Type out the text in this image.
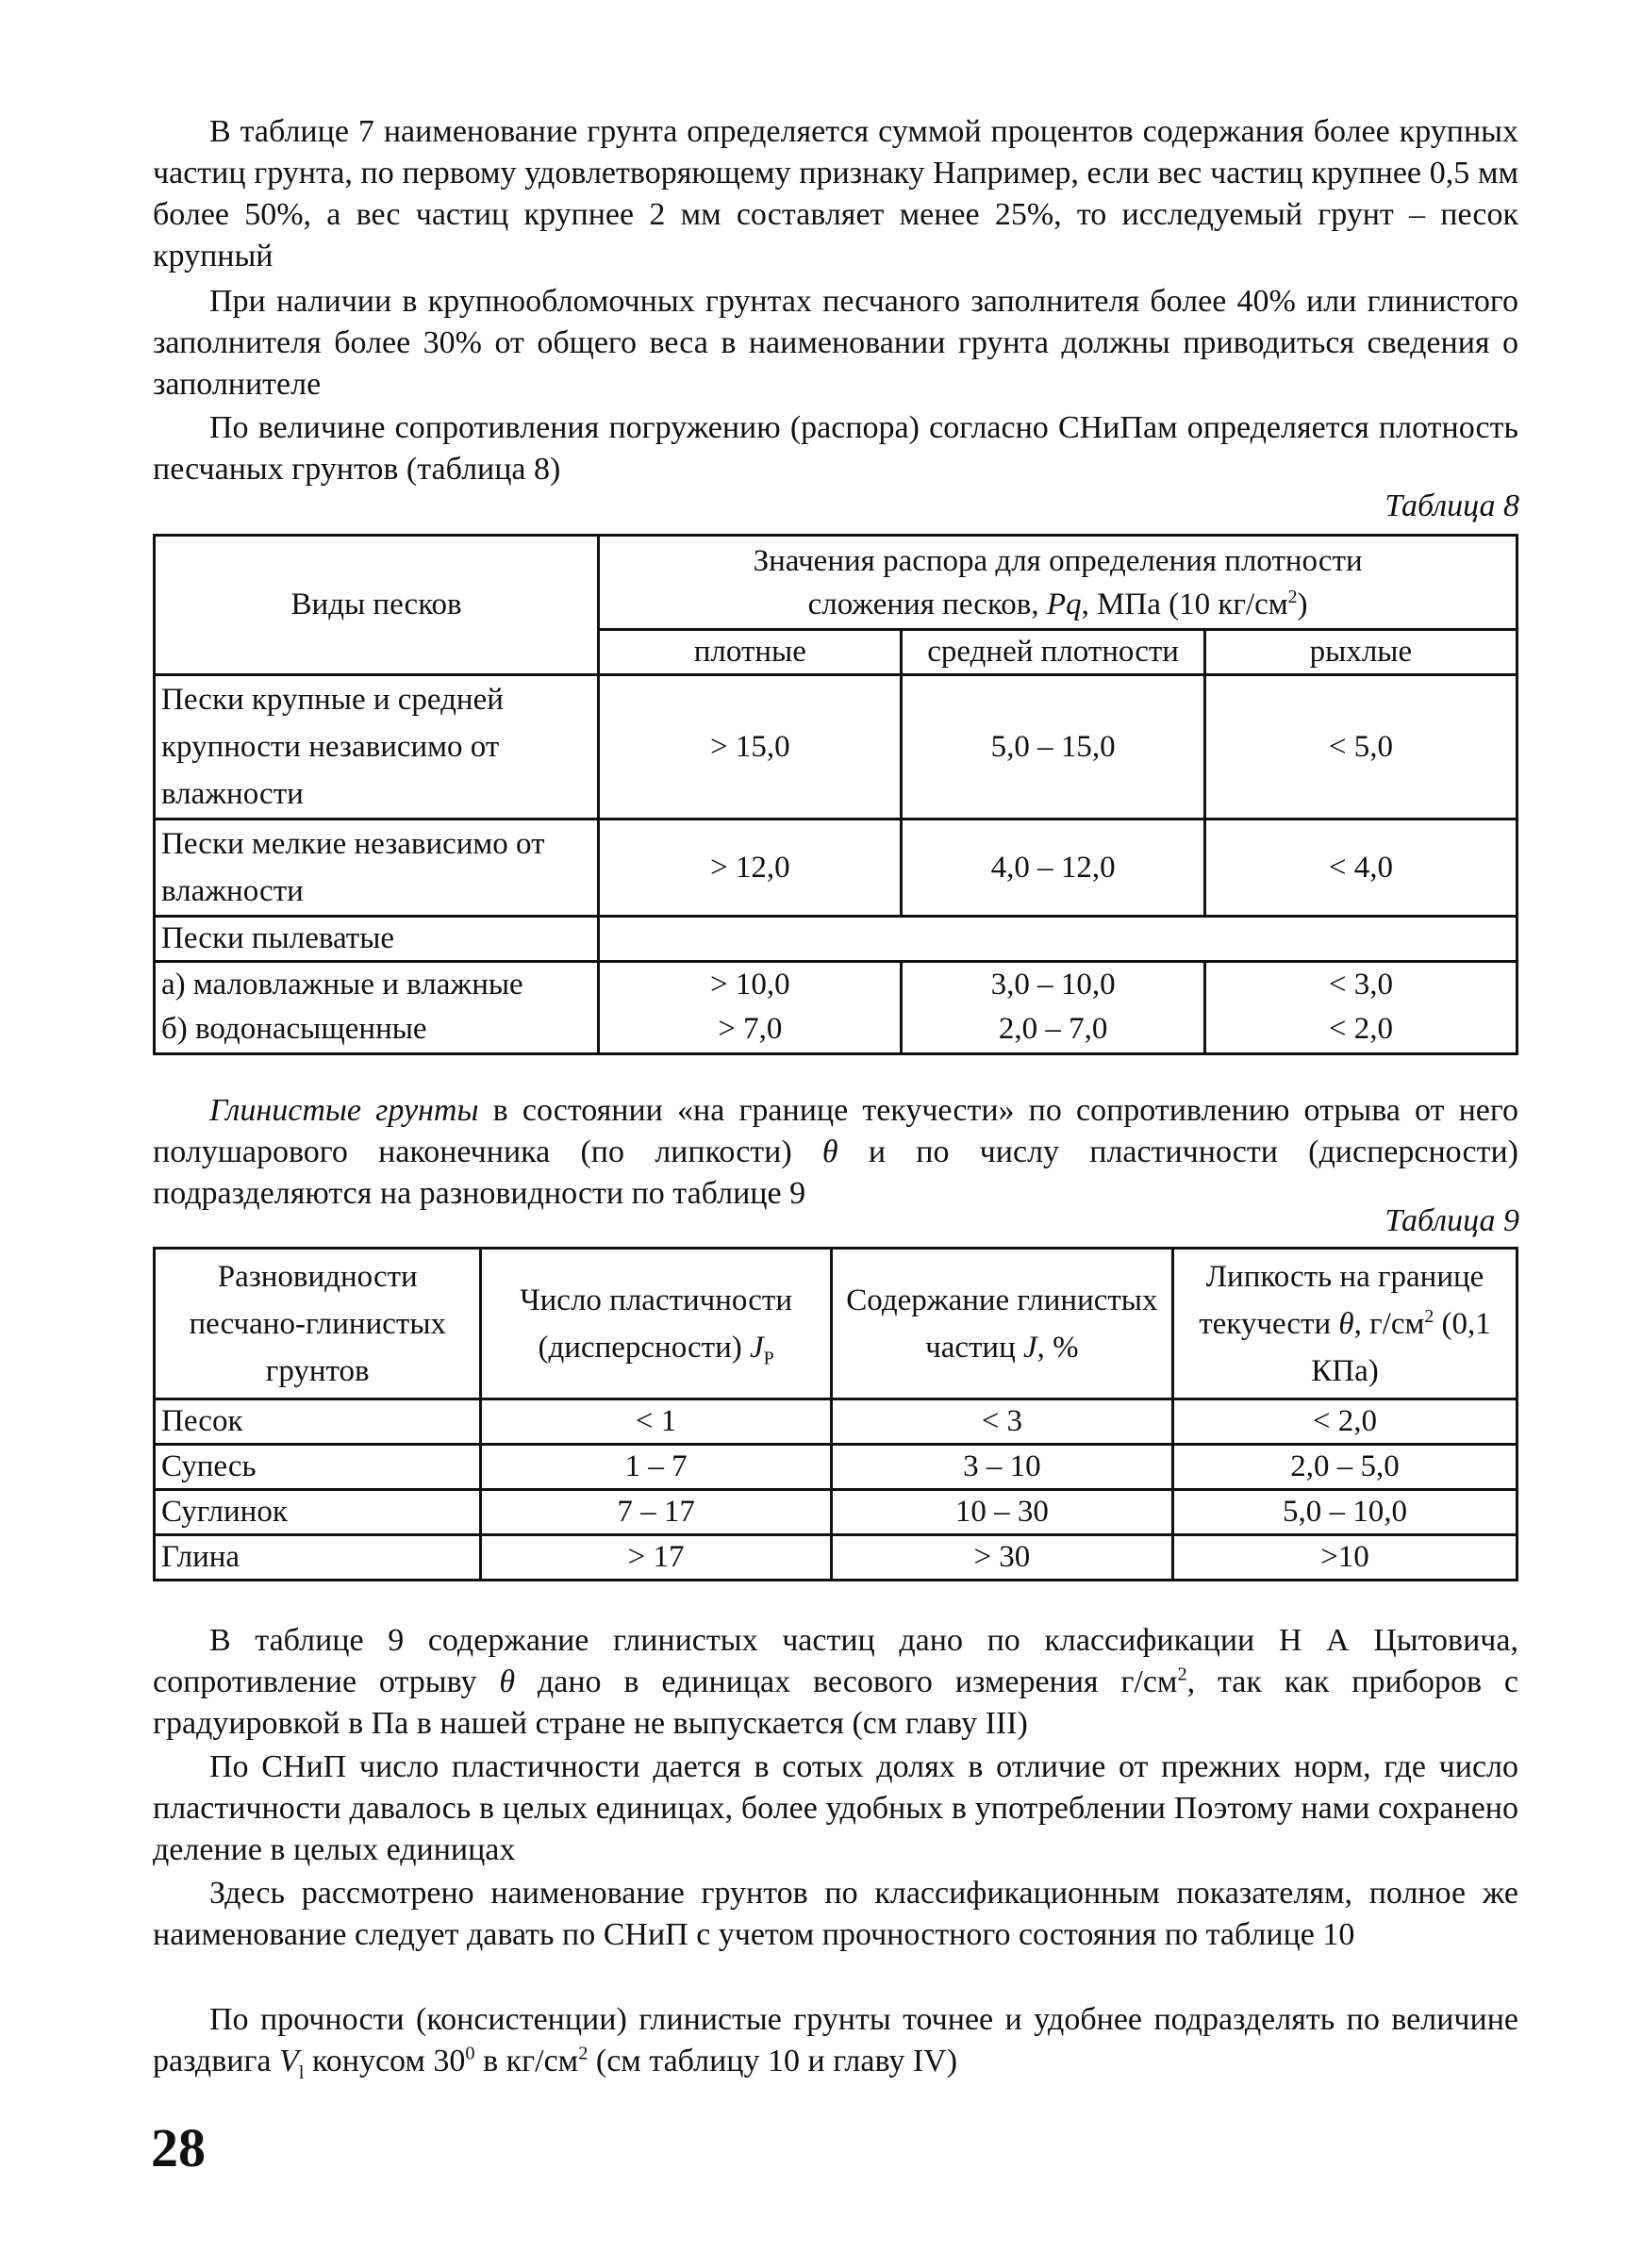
В таблице 7 наименование грунта определяется суммой процентов содержания более крупных частиц грунта, по первому удовлетворяющему признаку Например, если вес частиц крупнее 0,5 мм более 50%, а вес частиц крупнее 2 мм составляет менее 25%, то исследуемый грунт – песок крупный

При наличии в крупнообломочных грунтах песчаного заполнителя более 40% или глинистого заполнителя более 30% от общего веса в наименовании грунта должны приводиться сведения о заполнителе

По величине сопротивления погружению (распора) согласно СНиПам определяется плотность песчаных грунтов (таблица 8)

Таблица 8

Виды песков	Значения распора для определения плотности
сложения песков, Pq, МПа (10 $кг/см^2$)		
	плотные	средней плотности	рыхлые
Пески крупные и средней крупности независимо от влажности	> 15,0	5,0 – 15,0	< 5,0
Пески мелкие независимо от влажности	> 12,0	4,0 – 12,0	< 4,0
Пески пылеватые			
а) маловлажные и влажные	> 10,0	3,0 – 10,0	< 3,0
б) водонасыщенные	> 7,0	2,0 – 7,0	< 2,0

Глинистые грунты в состоянии «на границе текучести» по сопротивлению отрыва от него полушарового наконечника (по липкости) θ и по числу пластичности (дисперсности) подразделяются на разновидности по таблице 9

Таблица 9

Разновидности песчано-глинистых грунтов	Число пластичности (дисперсности) $J_P$	Содержание глинистых частиц J, %	Липкость на границе текучести θ, $г/см^2$ (0,1 КПа)
Песок	< 1	< 3	< 2,0
Супесь	1 – 7	3 – 10	2,0 – 5,0
Суглинок	7 – 17	10 – 30	5,0 – 10,0
Глина	> 17	> 30	>10

В таблице 9 содержание глинистых частиц дано по классификации Н А Цытовича, сопротивление отрыву θ дано в единицах весового измерения $г/см^2$, так как приборов с градуировкой в Па в нашей стране не выпускается (см главу III)

По СНиП число пластичности дается в сотых долях в отличие от прежних норм, где число пластичности давалось в целых единицах, более удобных в употреблении Поэтому нами сохранено деление в целых единицах

Здесь рассмотрено наименование грунтов по классификационным показателям, полное же наименование следует давать по СНиП с учетом прочностного состояния по таблице 10

По прочности (консистенции) глинистые грунты точнее и удобнее подразделять по величине раздвига $V_l$ конусом $30^0$ в $кг/см^2$ (см таблицу 10 и главу IV)

28
